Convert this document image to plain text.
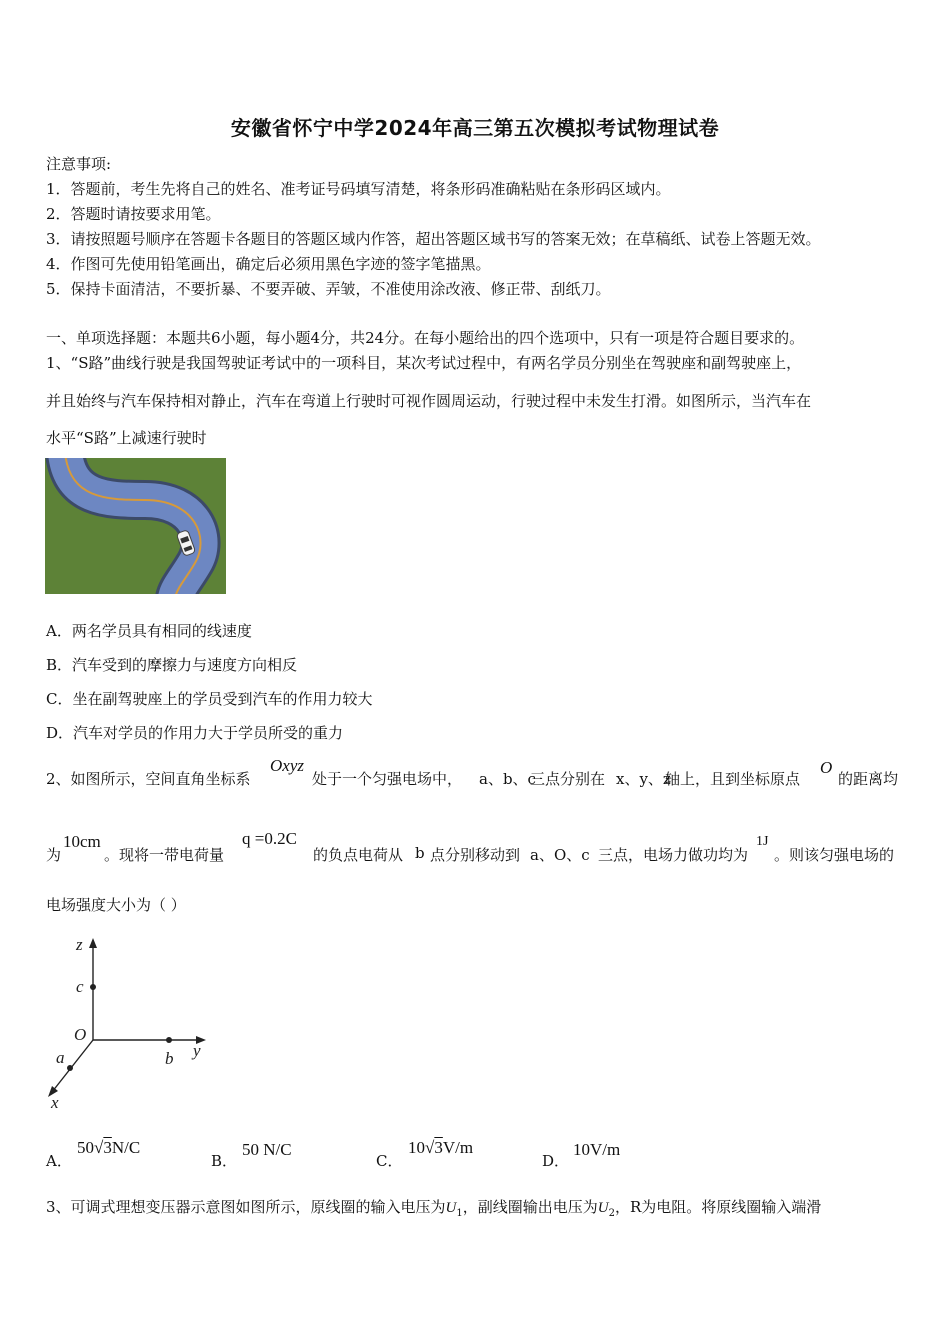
安徽省怀宁中学2024年高三第五次模拟考试物理试卷
注意事项:
1．答题前，考生先将自己的姓名、准考证号码填写清楚，将条形码准确粘贴在条形码区域内。
2．答题时请按要求用笔。
3．请按照题号顺序在答题卡各题目的答题区域内作答，超出答题区域书写的答案无效；在草稿纸、试卷上答题无效。
4．作图可先使用铅笔画出，确定后必须用黑色字迹的签字笔描黑。
5．保持卡面清洁，不要折暴、不要弄破、弄皱，不准使用涂改液、修正带、刮纸刀。
一、单项选择题：本题共6小题，每小题4分，共24分。在每小题给出的四个选项中，只有一项是符合题目要求的。
1、“S路”曲线行驶是我国驾驶证考试中的一项科目，某次考试过程中，有两名学员分别坐在驾驶座和副驾驶座上，
并且始终与汽车保持相对静止，汽车在弯道上行驶时可视作圆周运动，行驶过程中未发生打滑。如图所示，当汽车在
水平“S路”上减速行驶时
A．两名学员具有相同的线速度
B．汽车受到的摩擦力与速度方向相反
C．坐在副驾驶座上的学员受到汽车的作用力较大
D．汽车对学员的作用力大于学员所受的重力
2、如图所示，空间直角坐标系
Oxyz
处于一个匀强电场中， a、b、c
三点分别在 x、y、z
轴上，且到坐标原点
O
的距离均
为
10cm
。现将一带电荷量
q =0.2C
的负点电荷从 b 点分别移动到 a、O、c 三点，电场力做功均为
1J
。则该匀强电场的
电场强度大小为（ ）
z
c
O
y
b
a
x
A．
50√3N/C
B．
50 N/C
C．
10√3V/m
D．
10V/m
3、可调式理想变压器示意图如图所示，原线圈的输入电压为$U_1$，副线圈输出电压为$U_2$，R为电阻。将原线圈输入端滑
